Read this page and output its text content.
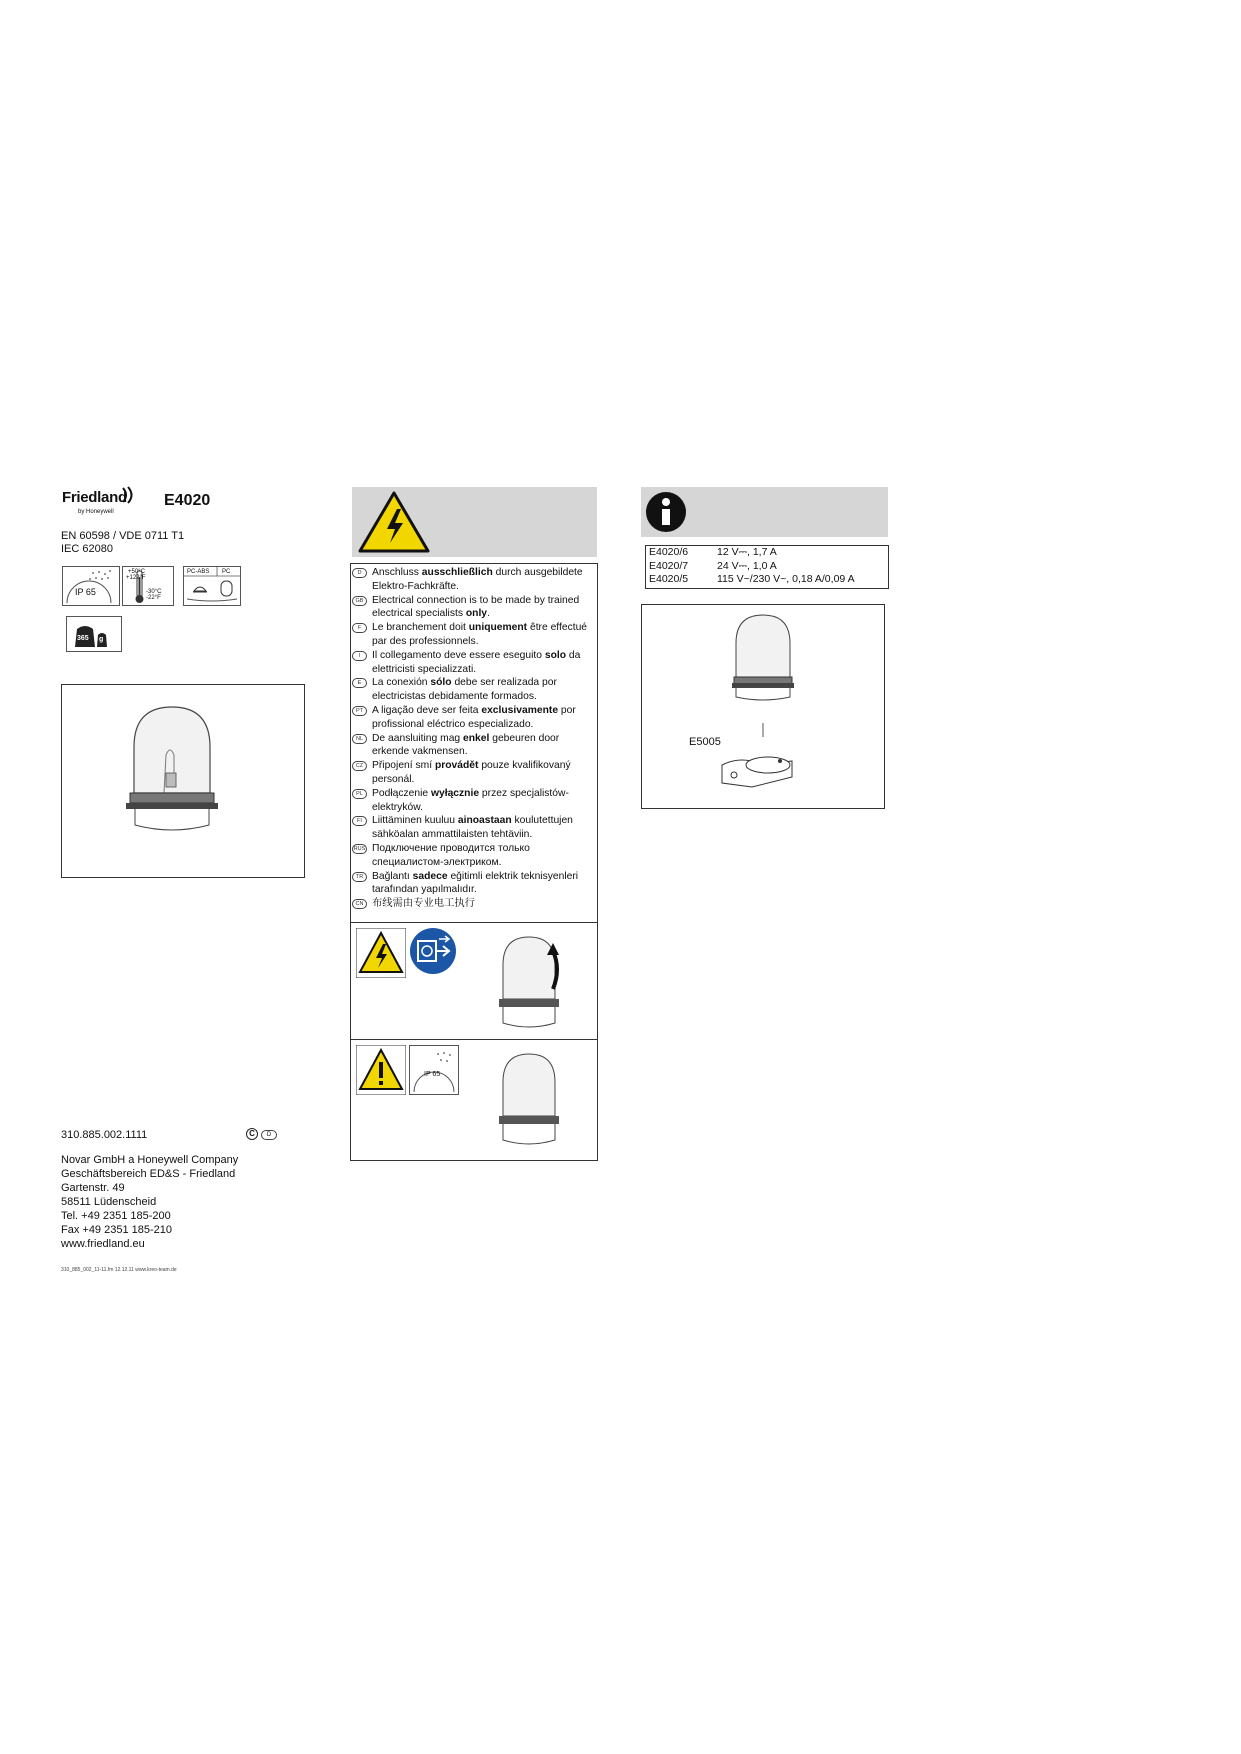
Friedland
by Honeywell
E4020
EN 60598 / VDE 0711 T1
IEC 62080
IP 65
+50°C
+122°F
-30°C
-22°F
PC-ABS PC
365 g
310.885.002.1111	C	D
Novar GmbH a Honeywell Company
Geschäftsbereich ED&S - Friedland
Gartenstr. 49
58511 Lüdenscheid
Tel. +49 2351 185-200
Fax +49 2351 185-210
www.friedland.eu
310_885_002_11-11.fm 12.12.11 www.kreo-team.de
D	Anschluss ausschließlich durch ausgebildete Elektro-Fachkräfte.
GB Electrical connection is to be made by trained electrical specialists only.
F	Le branchement doit uniquement être effectué par des professionnels.
I	Il collegamento deve essere eseguito solo da elettricisti specializzati.
E	La conexión sólo debe ser realizada por electricistas debidamente formados.
PT A ligação deve ser feita exclusivamente por profissional eléctrico especializado.
NL De aansluiting mag enkel gebeuren door erkende vakmensen.
CZ Připojení smí provádět pouze kvalifikovaný personál.
PL Podłączenie wyłącznie przez specjalistów-elektryków.
FI Liittäminen kuuluu ainoastaan koulutettujen sähköalan ammattilaisten tehtäviin.
RUS Подключение проводится только специалистом-электриком.
TR Bağlantı sadece eğitimli elektrik teknisyenleri tarafından yapılmalıdır.
CN 布线需由专业电工执行
IP 65
E4020/6	12 V⎓, 1,7 A
E4020/7	24 V⎓, 1,0 A
E4020/5	115 V~/230 V~, 0,18 A/0,09 A
E5005
